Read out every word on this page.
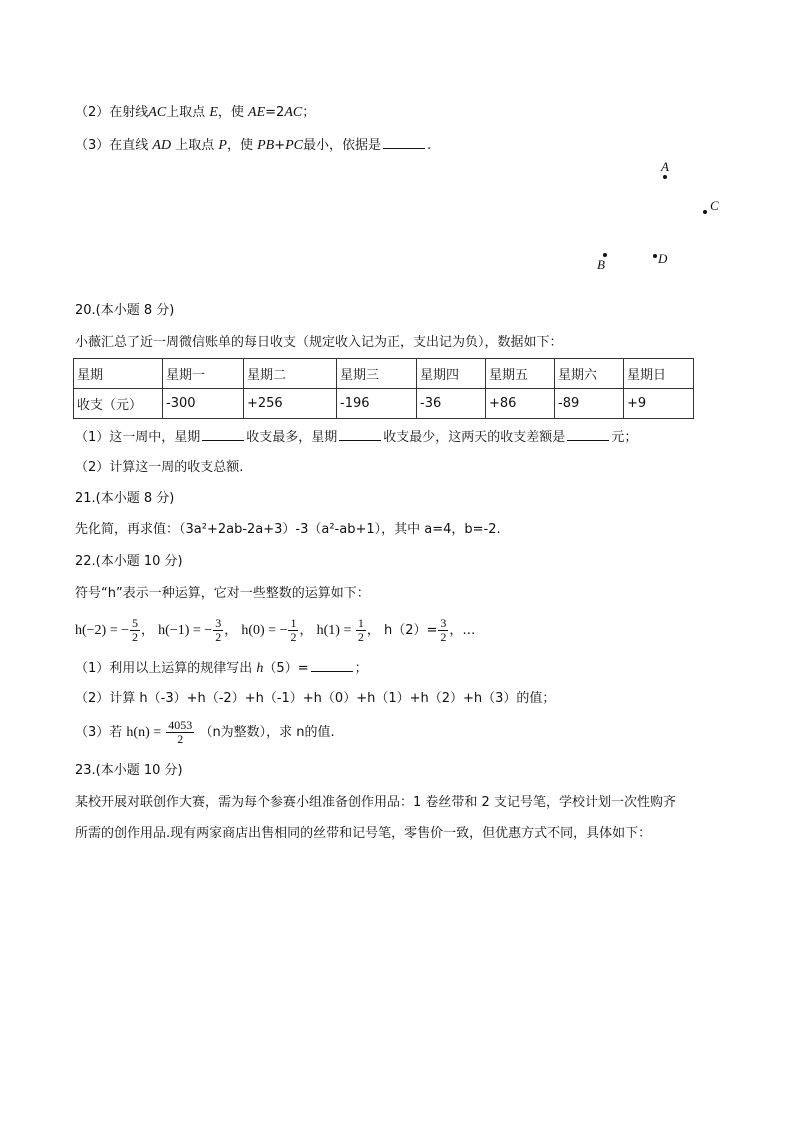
（2）在射线AC上取点 E，使 AE=2AC；
（3）在直线 AD 上取点 P，使 PB+PC最小，依据是	.
A
C
B	D
20.(本小题 8 分)
小薇汇总了近一周微信账单的每日收支（规定收入记为正，支出记为负），数据如下：
星期	星期一	星期二	星期三	星期四	星期五	星期六	星期日
收支（元）	-300	+256	-196	-36	+86	-89	+9
（1）这一周中，星期	收支最多，星期	收支最少，这两天的收支差额是	元；
（2）计算这一周的收支总额.
21.(本小题 8 分)
先化简，再求值：（3a²+2ab-2a+3）-3（a²-ab+1），其中 a=4，b=-2.
22.(本小题 10 分)
符号“h”表示一种运算，它对一些整数的运算如下：
h(−2) = − $\frac{5}{2}$ ， h(−1) = − $\frac{3}{2}$ ， h(0) = − $\frac{1}{2}$ ， $h(1) = \frac{1}{2}$ ， $h(2)= \frac{3}{2}$ ，…
（1）利用以上运算的规律写出 h（5）=	；
（2）计算 h（-3）+h（-2）+h（-1）+h（0）+h（1）+h（2）+h（3）的值；
（3）若 $h(n) = \frac{4053}{2} (n$为整数），求 n的值.
23.(本小题 10 分)
某校开展对联创作大赛，需为每个参赛小组准备创作用品：1 卷丝带和 2 支记号笔，学校计划一次性购齐
所需的创作用品.现有两家商店出售相同的丝带和记号笔，零售价一致，但优惠方式不同，具体如下：
